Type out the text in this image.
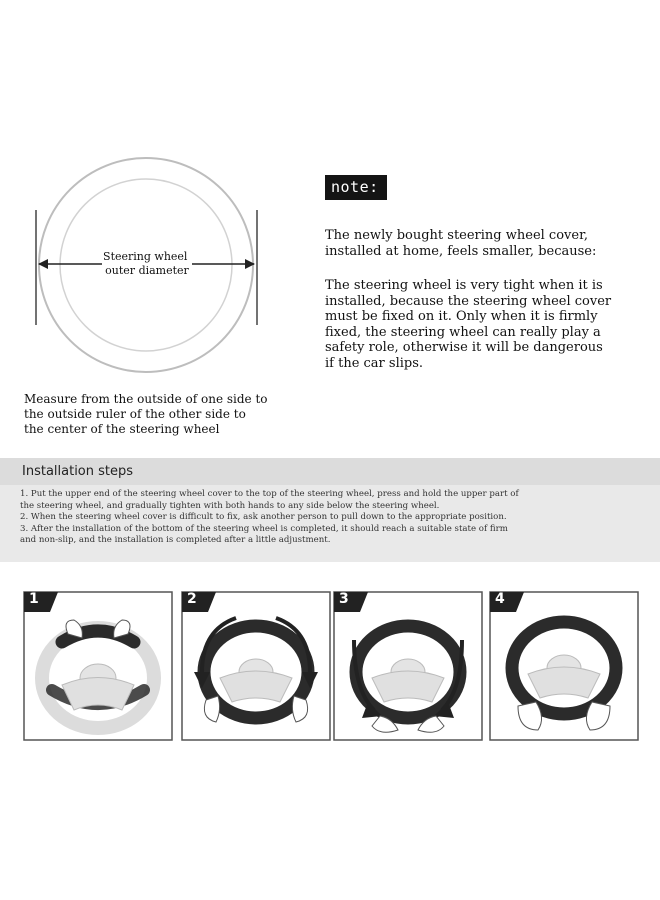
Steering wheel outer diameter
Measure from the outside of one side to
the outside ruler of the other side to
the center of the steering wheel
note:
The newly bought steering wheel cover,
installed at home, feels smaller, because:
The steering wheel is very tight when it is
installed, because the steering wheel cover
must be fixed on it. Only when it is firmly
fixed, the steering wheel can really play a
safety role, otherwise it will be dangerous
if the car slips.
Installation steps
1. Put the upper end of the steering wheel cover to the top of the steering wheel, press and hold the upper part of
the steering wheel, and gradually tighten with both hands to any side below the steering wheel.
2. When the steering wheel cover is difficult to fix, ask another person to pull down to the appropriate position.
3. After the installation of the bottom of the steering wheel is completed, it should reach a suitable state of firm
and non-slip, and the installation is completed after a little adjustment.
1	2	3	4
